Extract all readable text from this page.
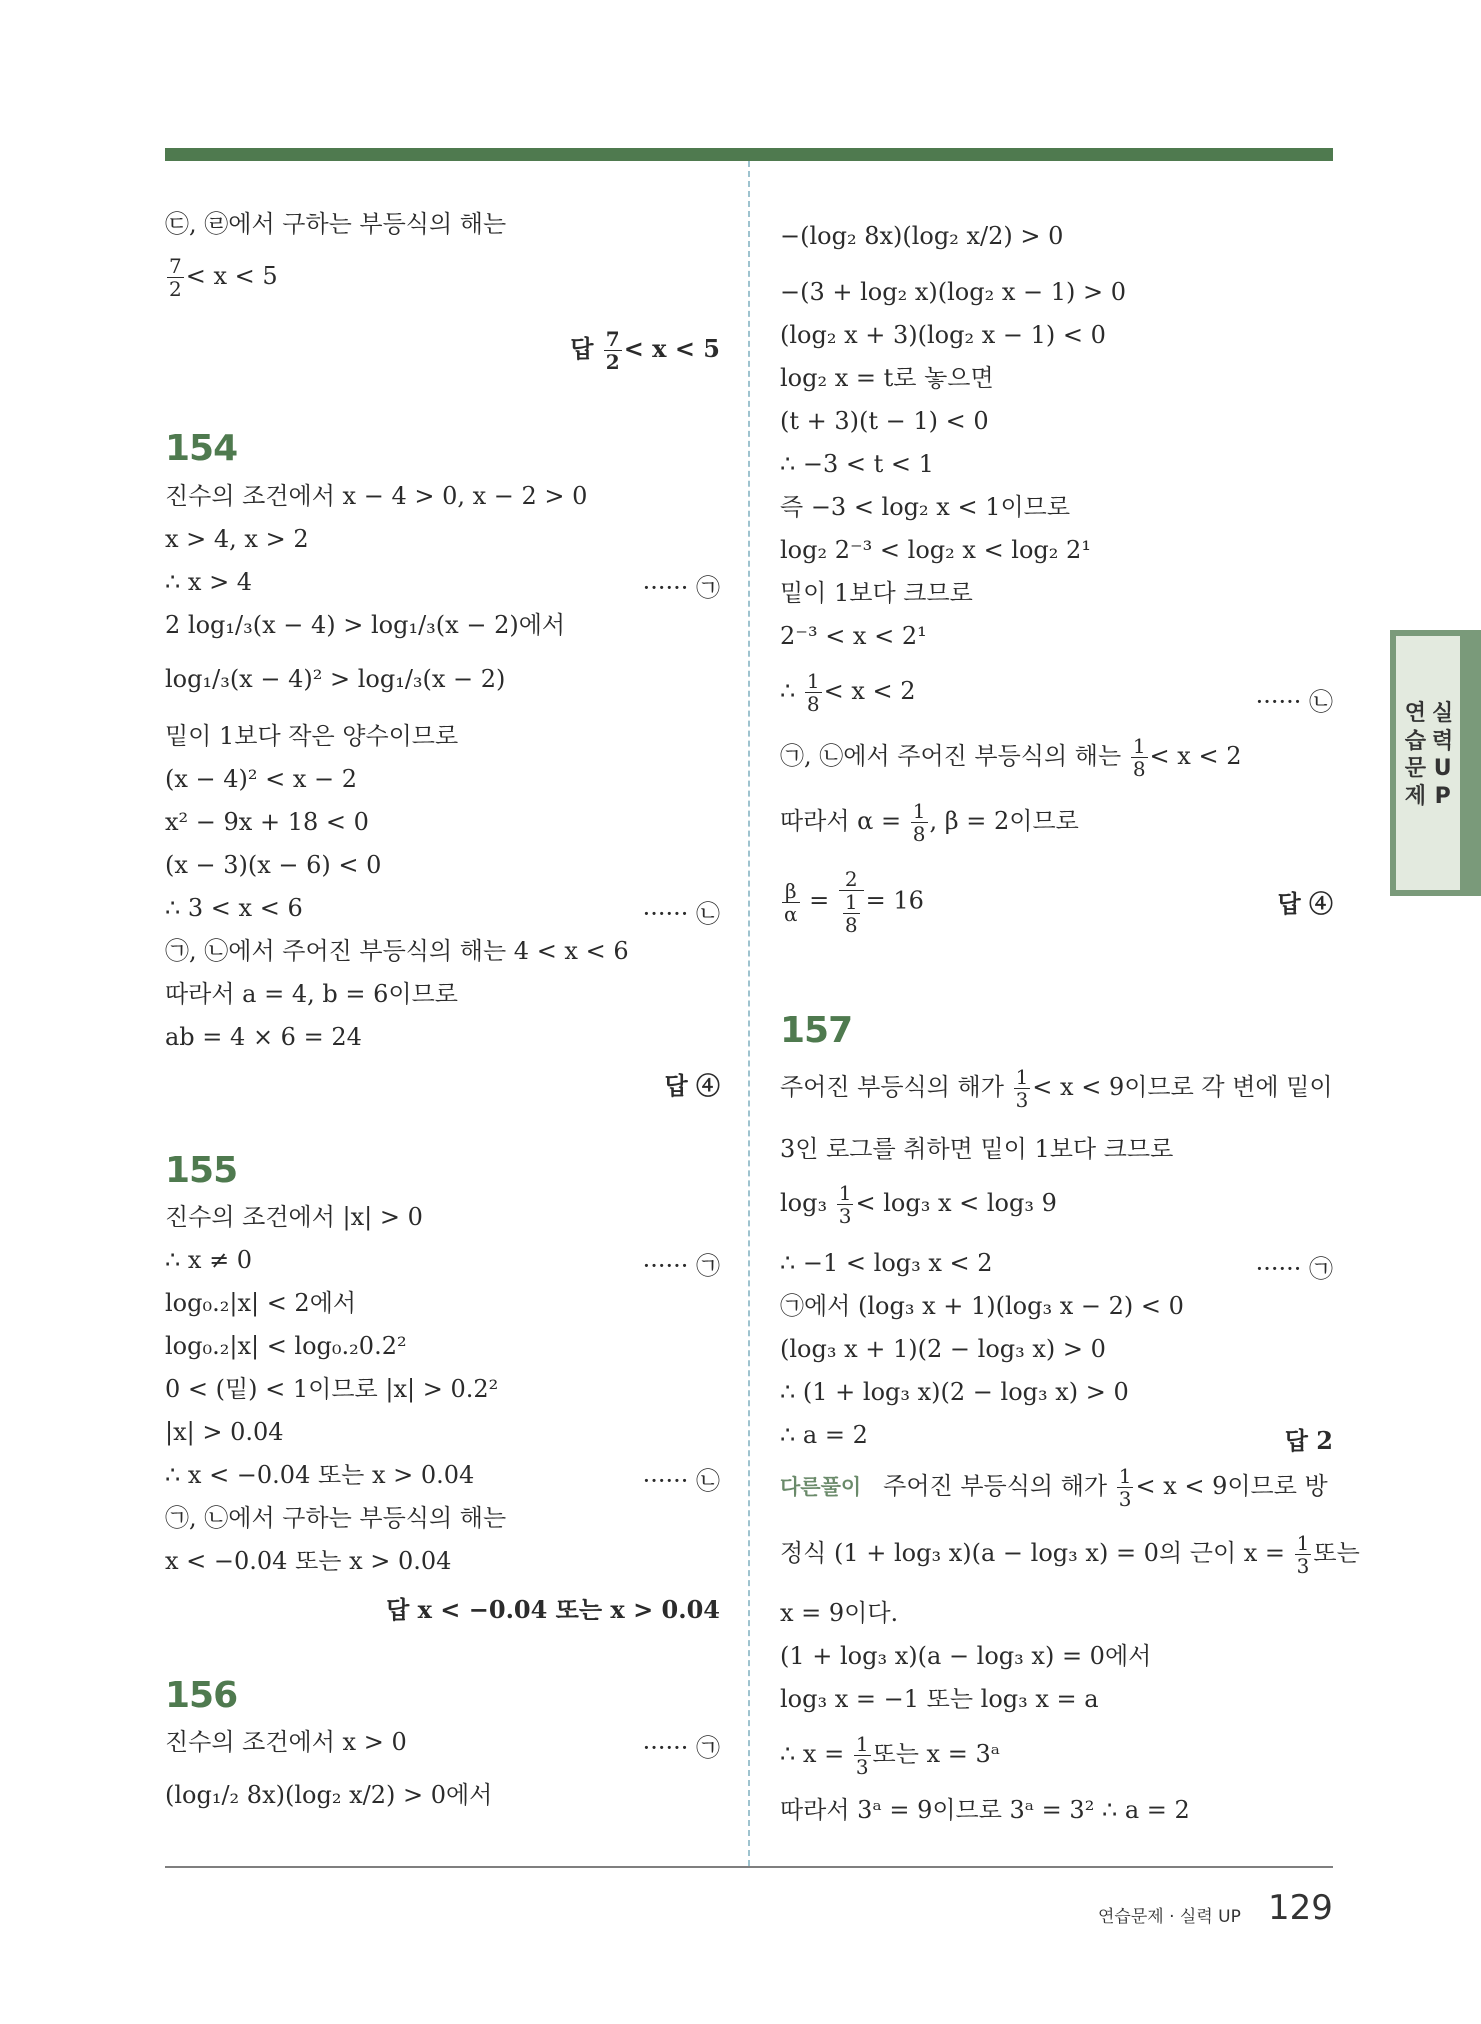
㉢, ㉣에서 구하는 부등식의 해는
$\frac{7}{2} < x < 5$
답 $\frac{7}{2} < x < 5$
154
진수의 조건에서 x − 4 > 0, x − 2 > 0
x > 4, x > 2
∴ x > 4	······ ㉠
2 log₁/₃(x − 4) > log₁/₃(x − 2)에서
log₁/₃(x − 4)² > log₁/₃(x − 2)
밑이 1보다 작은 양수이므로
(x − 4)² < x − 2
x² − 9x + 18 < 0
(x − 3)(x − 6) < 0
∴ 3 < x < 6	······ ㉡
㉠, ㉡에서 주어진 부등식의 해는 4 < x < 6
따라서 a = 4, b = 6이므로
ab = 4 × 6 = 24
답 ④
155
진수의 조건에서 |x| > 0
∴ x ≠ 0	······ ㉠
log₀.₂|x| < 2에서
log₀.₂|x| < log₀.₂0.2²
0 < (밑) < 1이므로 |x| > 0.2²
|x| > 0.04
∴ x < −0.04 또는 x > 0.04	······ ㉡
㉠, ㉡에서 구하는 부등식의 해는
x < −0.04 또는 x > 0.04
답 x < −0.04 또는 x > 0.04
156
진수의 조건에서 x > 0	······ ㉠
(log₁/₂ 8x)(log₂ x/2) > 0에서
−(log₂ 8x)(log₂ x/2) > 0
−(3 + log₂ x)(log₂ x − 1) > 0
(log₂ x + 3)(log₂ x − 1) < 0
log₂ x = t로 놓으면
(t + 3)(t − 1) < 0
∴ −3 < t < 1
즉 −3 < log₂ x < 1이므로
log₂ 2⁻³ < log₂ x < log₂ 2¹
밑이 1보다 크므로
2⁻³ < x < 2¹
∴ $\frac{1}{8} < x < 2$	······ ㉡
㉠, ㉡에서 주어진 부등식의 해는 $\frac{1}{8} < x < 2$
따라서 $\alpha = \frac{1}{8}$ , β = 2이므로
$\frac{\beta}{\alpha} = \frac{2}{\frac{1}{8}} = 16$	답 ④
157
주어진 부등식의 해가 $\frac{1}{3} < x < 9$이므로 각 변에 밑이
3인 로그를 취하면 밑이 1보다 크므로
$\log_3 \frac{1}{3} < \log_3$ x < log₃ 9
∴ −1 < log₃ x < 2	······ ㉠
㉠에서 (log₃ x + 1)(log₃ x − 2) < 0
(log₃ x + 1)(2 − log₃ x) > 0
∴ (1 + log₃ x)(2 − log₃ x) > 0
∴ a = 2	답 2
다른풀이 주어진 부등식의 해가 $\frac{1}{3} < x < 9$이므로 방
정식 (1 + log₃ x)(a − log₃ x) = 0의 근이 $x = \frac{1}{3}$ 또는
x = 9이다.
(1 + log₃ x)(a − log₃ x) = 0에서
log₃ x = −1 또는 log₃ x = a
∴ $x = \frac{1}{3}$ 또는 x = 3ᵃ
따라서 3ᵃ = 9이므로 3ᵃ = 3² ∴ a = 2
연
습
문
제
실
력
U
P
연습문제 · 실력 UP 129
